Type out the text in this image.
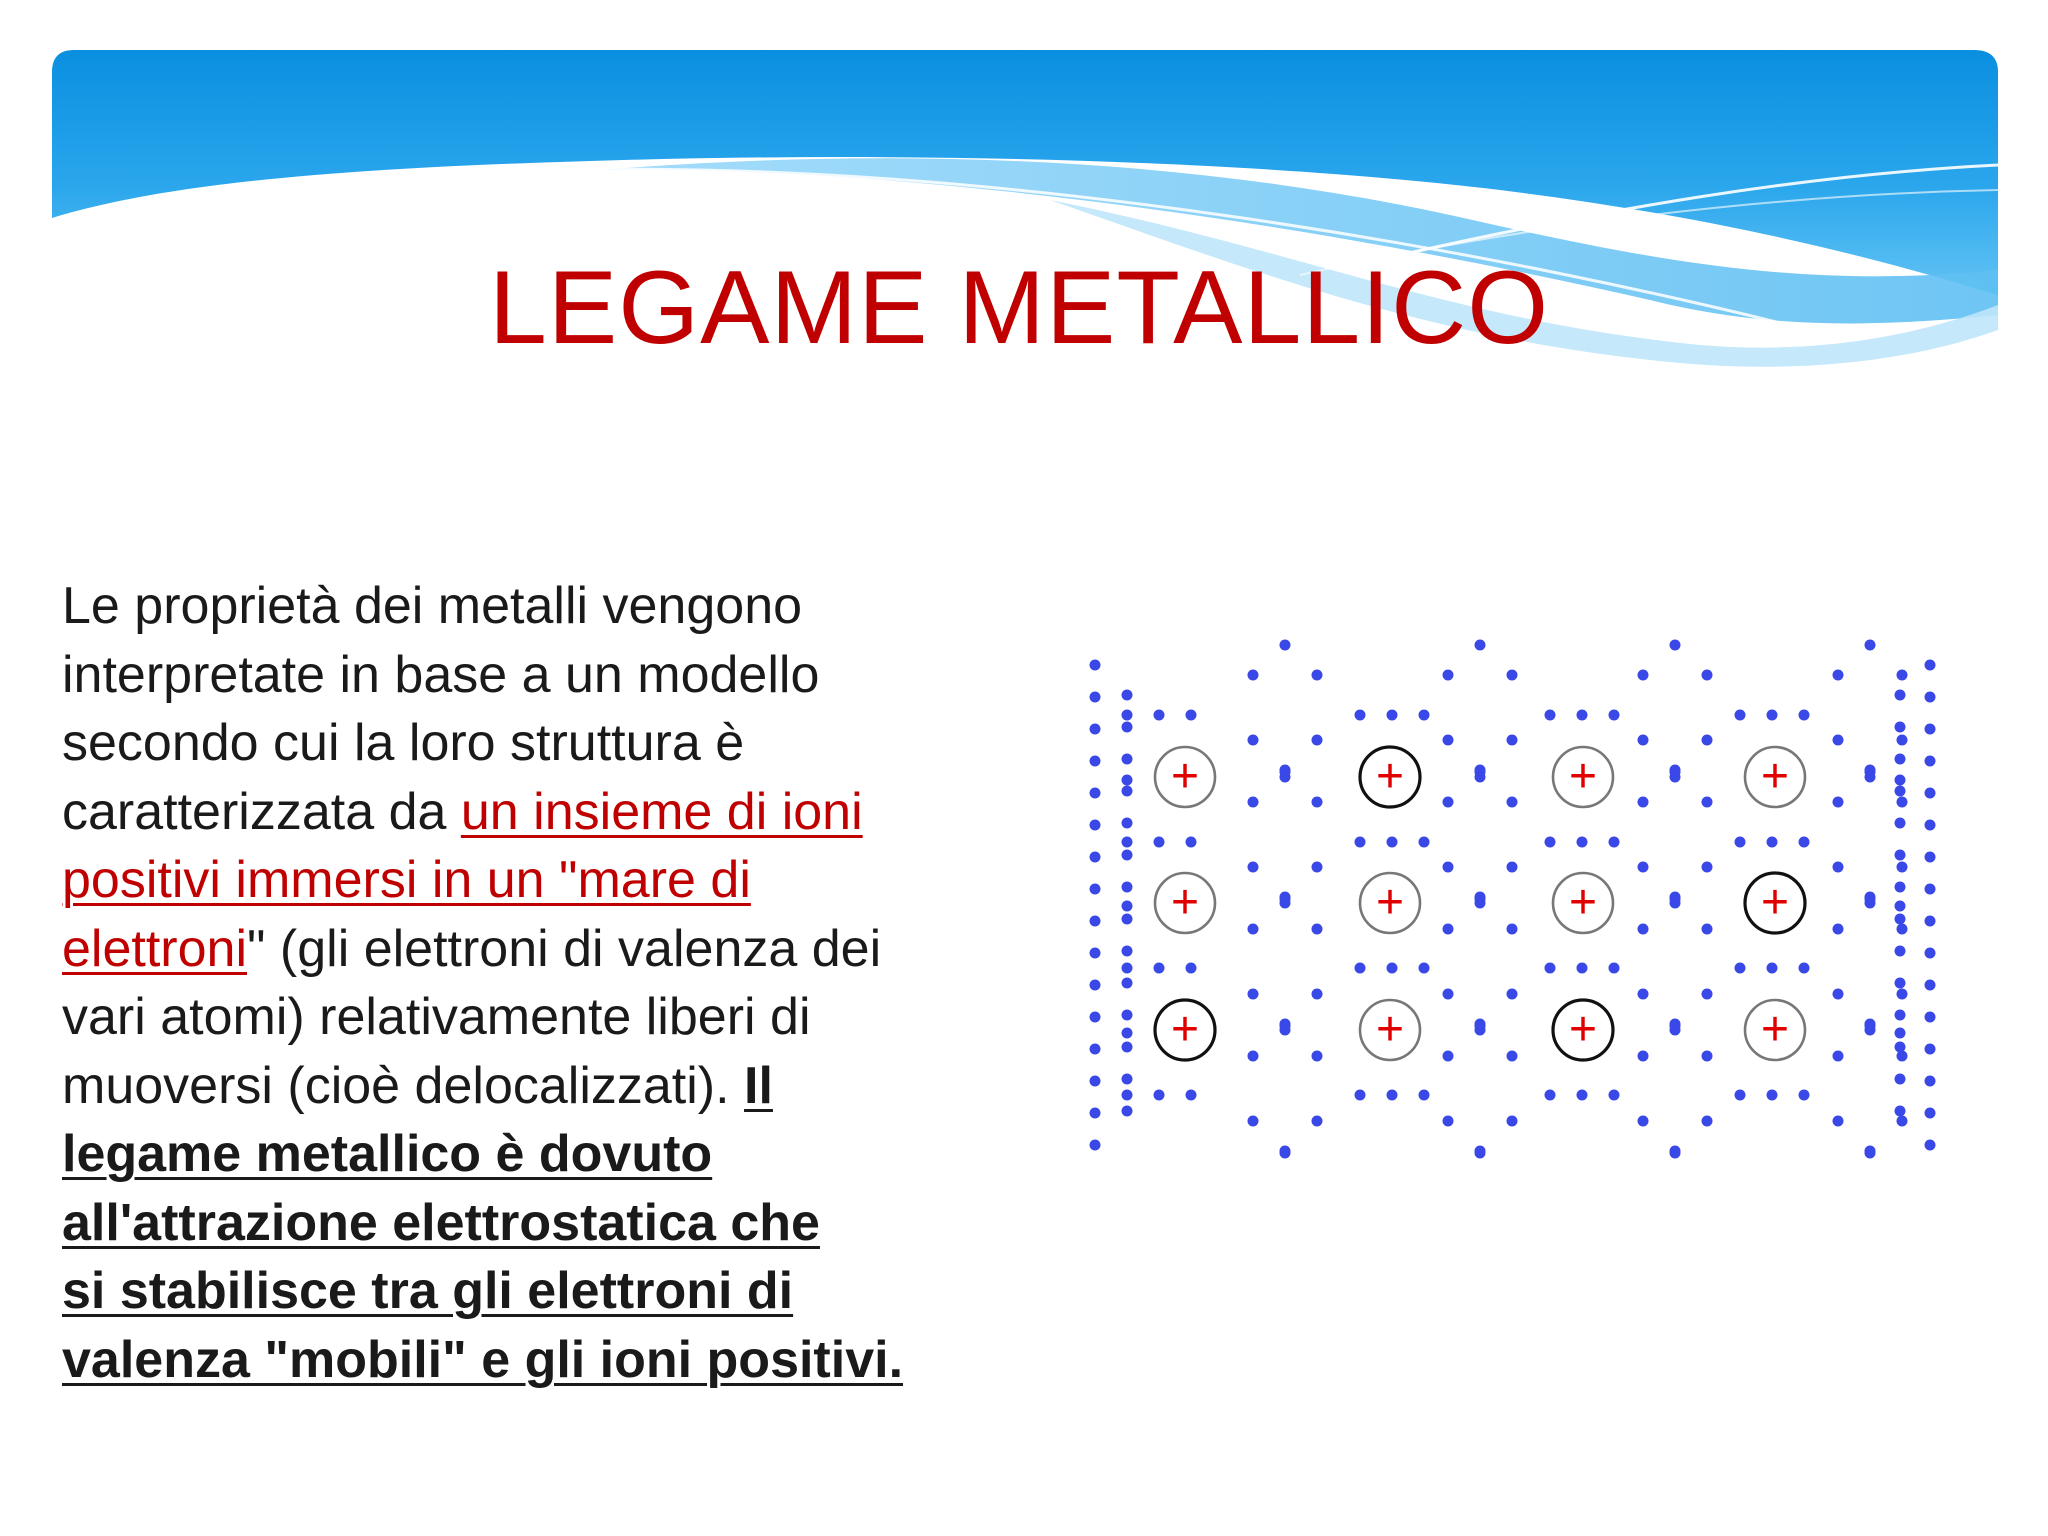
LEGAME METALLICO

Le proprietà dei metalli vengono interpretate in base a un modello secondo cui la loro struttura è caratterizzata da un insieme di ioni positivi immersi in un "mare di elettroni" (gli elettroni di valenza dei vari atomi) relativamente liberi di muoversi (cioè delocalizzati). Il legame metallico è dovuto all'attrazione elettrostatica che
si stabilisce tra gli elettroni di valenza "mobili" e gli ioni positivi.

+	+	+	+
+	+	+	+
+	+	+	+
